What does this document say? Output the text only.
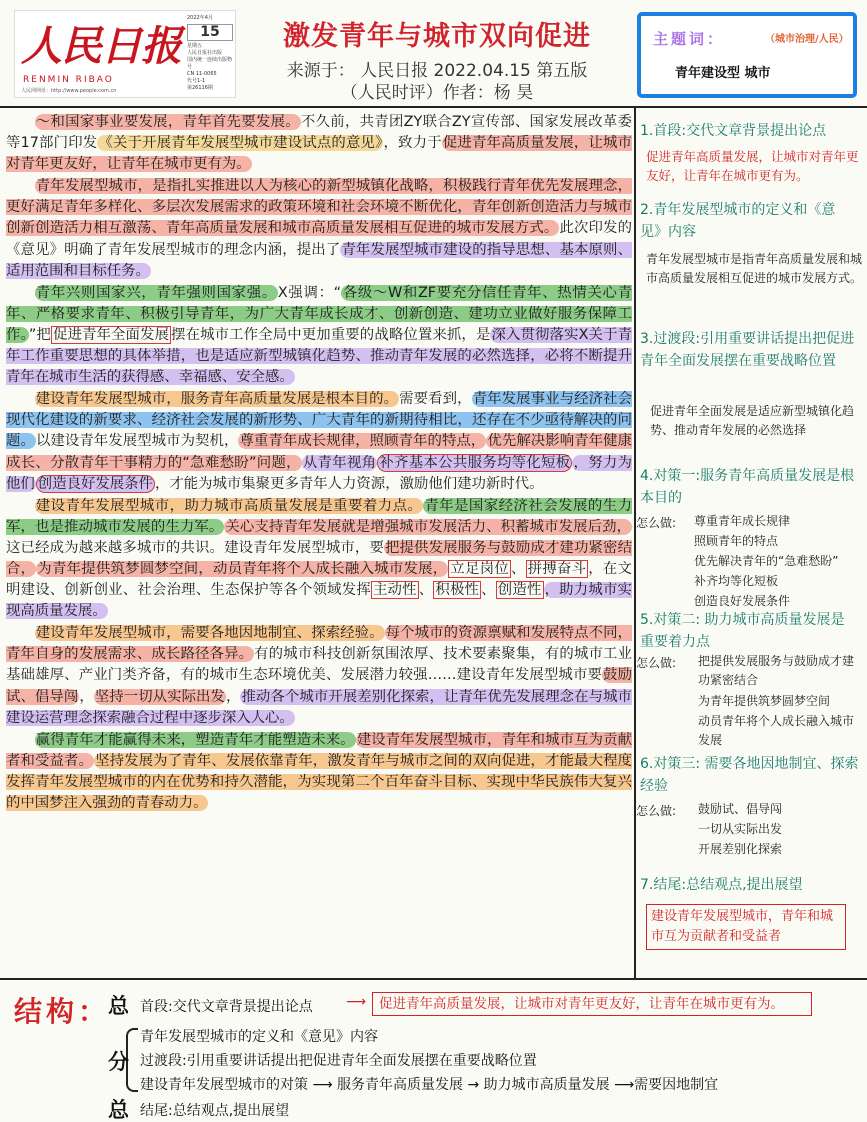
人民日报
RENMIN RIBAO
2022年4月
15
星期五
人民日报社出版
国内统一连续出版物号
CN 11-0065
代号1-1
第26116期
人民网网址：http://www.people.com.cn
激发青年与城市双向促进
来源于： 人民日报 2022.04.15 第五版
（人民时评）作者：杨 昊
主题词：	（城市治理/人民）
青年建设型 城市

～和国家事业要发展，青年首先要发展。不久前，共青团ZY联合ZY宣传部、国家发展改革委等17部门印发《关于开展青年发展型城市建设试点的意见》，致力于促进青年高质量发展，让城市对青年更友好，让青年在城市更有为。

青年发展型城市，是指扎实推进以人为核心的新型城镇化战略，积极践行青年优先发展理念，更好满足青年多样化、多层次发展需求的政策环境和社会环境不断优化，青年创新创造活力与城市创新创造活力相互激荡、青年高质量发展和城市高质量发展相互促进的城市发展方式。此次印发的《意见》明确了青年发展型城市的理念内涵，提出了青年发展型城市建设的指导思想、基本原则、适用范围和目标任务。

青年兴则国家兴，青年强则国家强。X强调：“各级～W和ZF要充分信任青年、热情关心青年、严格要求青年、积极引导青年，为广大青年成长成才、创新创造、建功立业做好服务保障工作。”把 促进青年全面发展 摆在城市工作全局中更加重要的战略位置来抓，是深入贯彻落实X关于青年工作重要思想的具体举措，也是适应新型城镇化趋势、推动青年发展的必然选择，必将不断提升青年在城市生活的获得感、幸福感、安全感。

建设青年发展型城市，服务青年高质量发展是根本目的。需要看到，青年发展事业与经济社会现代化建设的新要求、经济社会发展的新形势、广大青年的新期待相比，还存在不少亟待解决的问题。以建设青年发展型城市为契机，尊重青年成长规律，照顾青年的特点， 优先解决影响青年健康成长、分散青年干事精力的“急难愁盼”问题， 从青年视角 补齐基本公共服务均等化短板 ，努力为他们 创造良好发展条件 ，才能为城市集聚更多青年人力资源，激励他们建功新时代。

建设青年发展型城市，助力城市高质量发展是重要着力点。 青年是国家经济社会发展的生力军，也是推动城市发展的生力军。 关心支持青年发展就是增强城市发展活力、积蓄城市发展后劲，这已经成为越来越多城市的共识。建设青年发展型城市，要把提供发展服务与鼓励成才建功紧密结合， 为青年提供筑梦圆梦空间，动员青年将个人成长融入城市发展， 立足岗位 、 拼搏奋斗 ，在文明建设、创新创业、社会治理、生态保护等各个领域发挥 主动性 、 积极性 、 创造性 ，助力城市实现高质量发展。

建设青年发展型城市，需要各地因地制宜、探索经验。 每个城市的资源禀赋和发展特点不同，青年自身的发展需求、成长路径各异。有的城市科技创新氛围浓厚、技术要素聚集，有的城市工业基础雄厚、产业门类齐备，有的城市生态环境优美、发展潜力较强……建设青年发展型城市要鼓励试、倡导闯，坚持一切从实际出发，推动各个城市开展差别化探索，让青年优先发展理念在与城市建设运营理念探索融合过程中逐步深入人心。

赢得青年才能赢得未来，塑造青年才能塑造未来。 建设青年发展型城市，青年和城市互为贡献者和受益者。 坚持发展为了青年、发展依靠青年，激发青年与城市之间的双向促进，才能最大程度发挥青年发展型城市的内在优势和持久潜能，为实现第二个百年奋斗目标、实现中华民族伟大复兴的中国梦注入强劲的青春动力。

1.首段:交代文章背景提出论点
促进青年高质量发展，让城市对青年更友好，让青年在城市更有为。
2.青年发展型城市的定义和《意见》内容
青年发展型城市是指青年高质量发展和城市高质量发展相互促进的城市发展方式。
3.过渡段:引用重要讲话提出把促进青年全面发展摆在重要战略位置
促进青年全面发展是适应新型城镇化趋势、推动青年发展的必然选择
4.对策一:服务青年高质量发展是根本目的
怎么做: 尊重青年成长规律
照顾青年的特点
优先解决青年的“急难愁盼”
补齐均等化短板
创造良好发展条件
5.对策二: 助力城市高质量发展是重要着力点
怎么做: 把提供发展服务与鼓励成才建功紧密结合
为青年提供筑梦圆梦空间
动员青年将个人成长融入城市发展
6.对策三: 需要各地因地制宜、探索经验
怎么做: 鼓励试、倡导闯
一切从实际出发
开展差别化探索
7.结尾:总结观点,提出展望
建设青年发展型城市，青年和城市互为贡献者和受益者
结构：
总 首段:交代文章背景提出论点 ⟶ 促进青年高质量发展，让城市对青年更友好，让青年在城市更有为。
分
青年发展型城市的定义和《意见》内容
过渡段:引用重要讲话提出把促进青年全面发展摆在重要战略位置
建设青年发展型城市的对策 ⟶ 服务青年高质量发展 → 助力城市高质量发展 ⟶需要因地制宜
总 结尾:总结观点,提出展望
